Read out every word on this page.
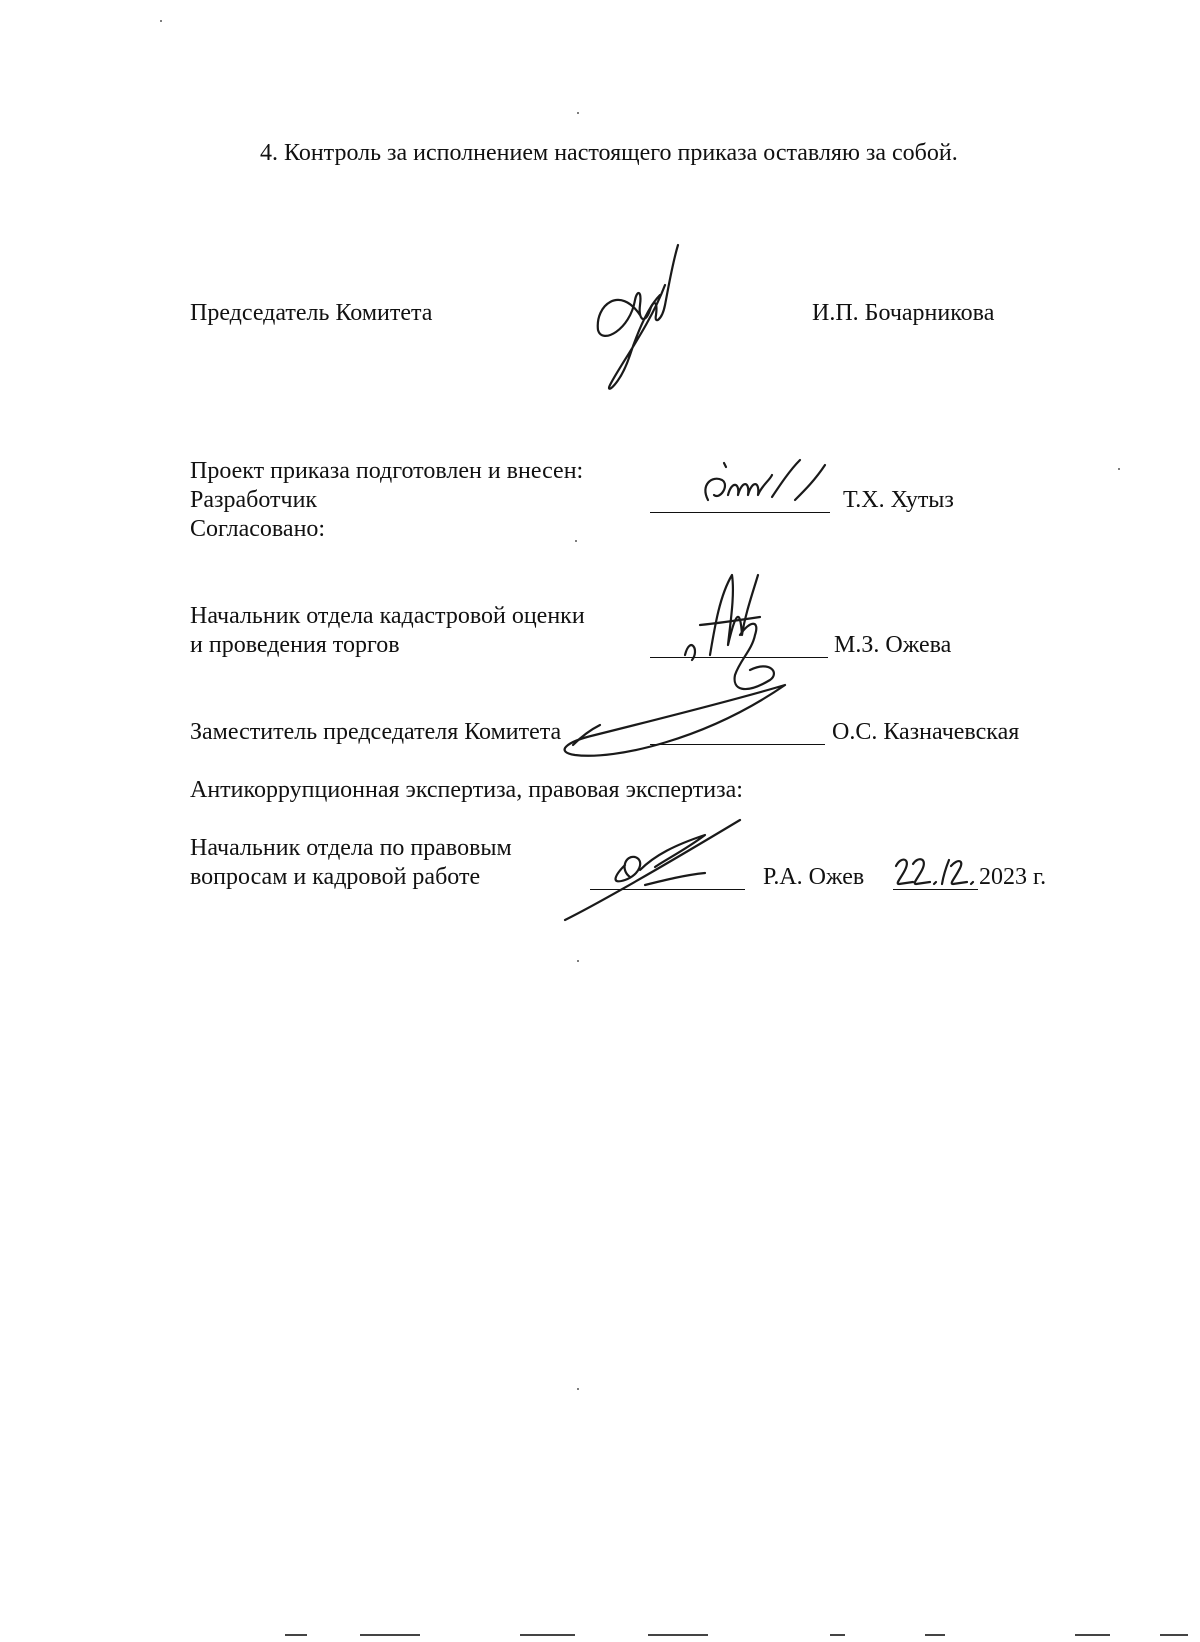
4. Контроль за исполнением настоящего приказа оставляю за собой.
Председатель Комитета	И.П. Бочарникова
Проект приказа подготовлен и внесен:
Разработчик	Т.Х. Хутыз
Согласовано:
Начальник отдела кадастровой оценки
и проведения торгов	М.З. Ожева
Заместитель председателя Комитета	О.С. Казначевская
Антикоррупционная экспертиза, правовая экспертиза:
Начальник отдела по правовым
вопросам и кадровой работе	Р.А. Ожев	2023 г.
